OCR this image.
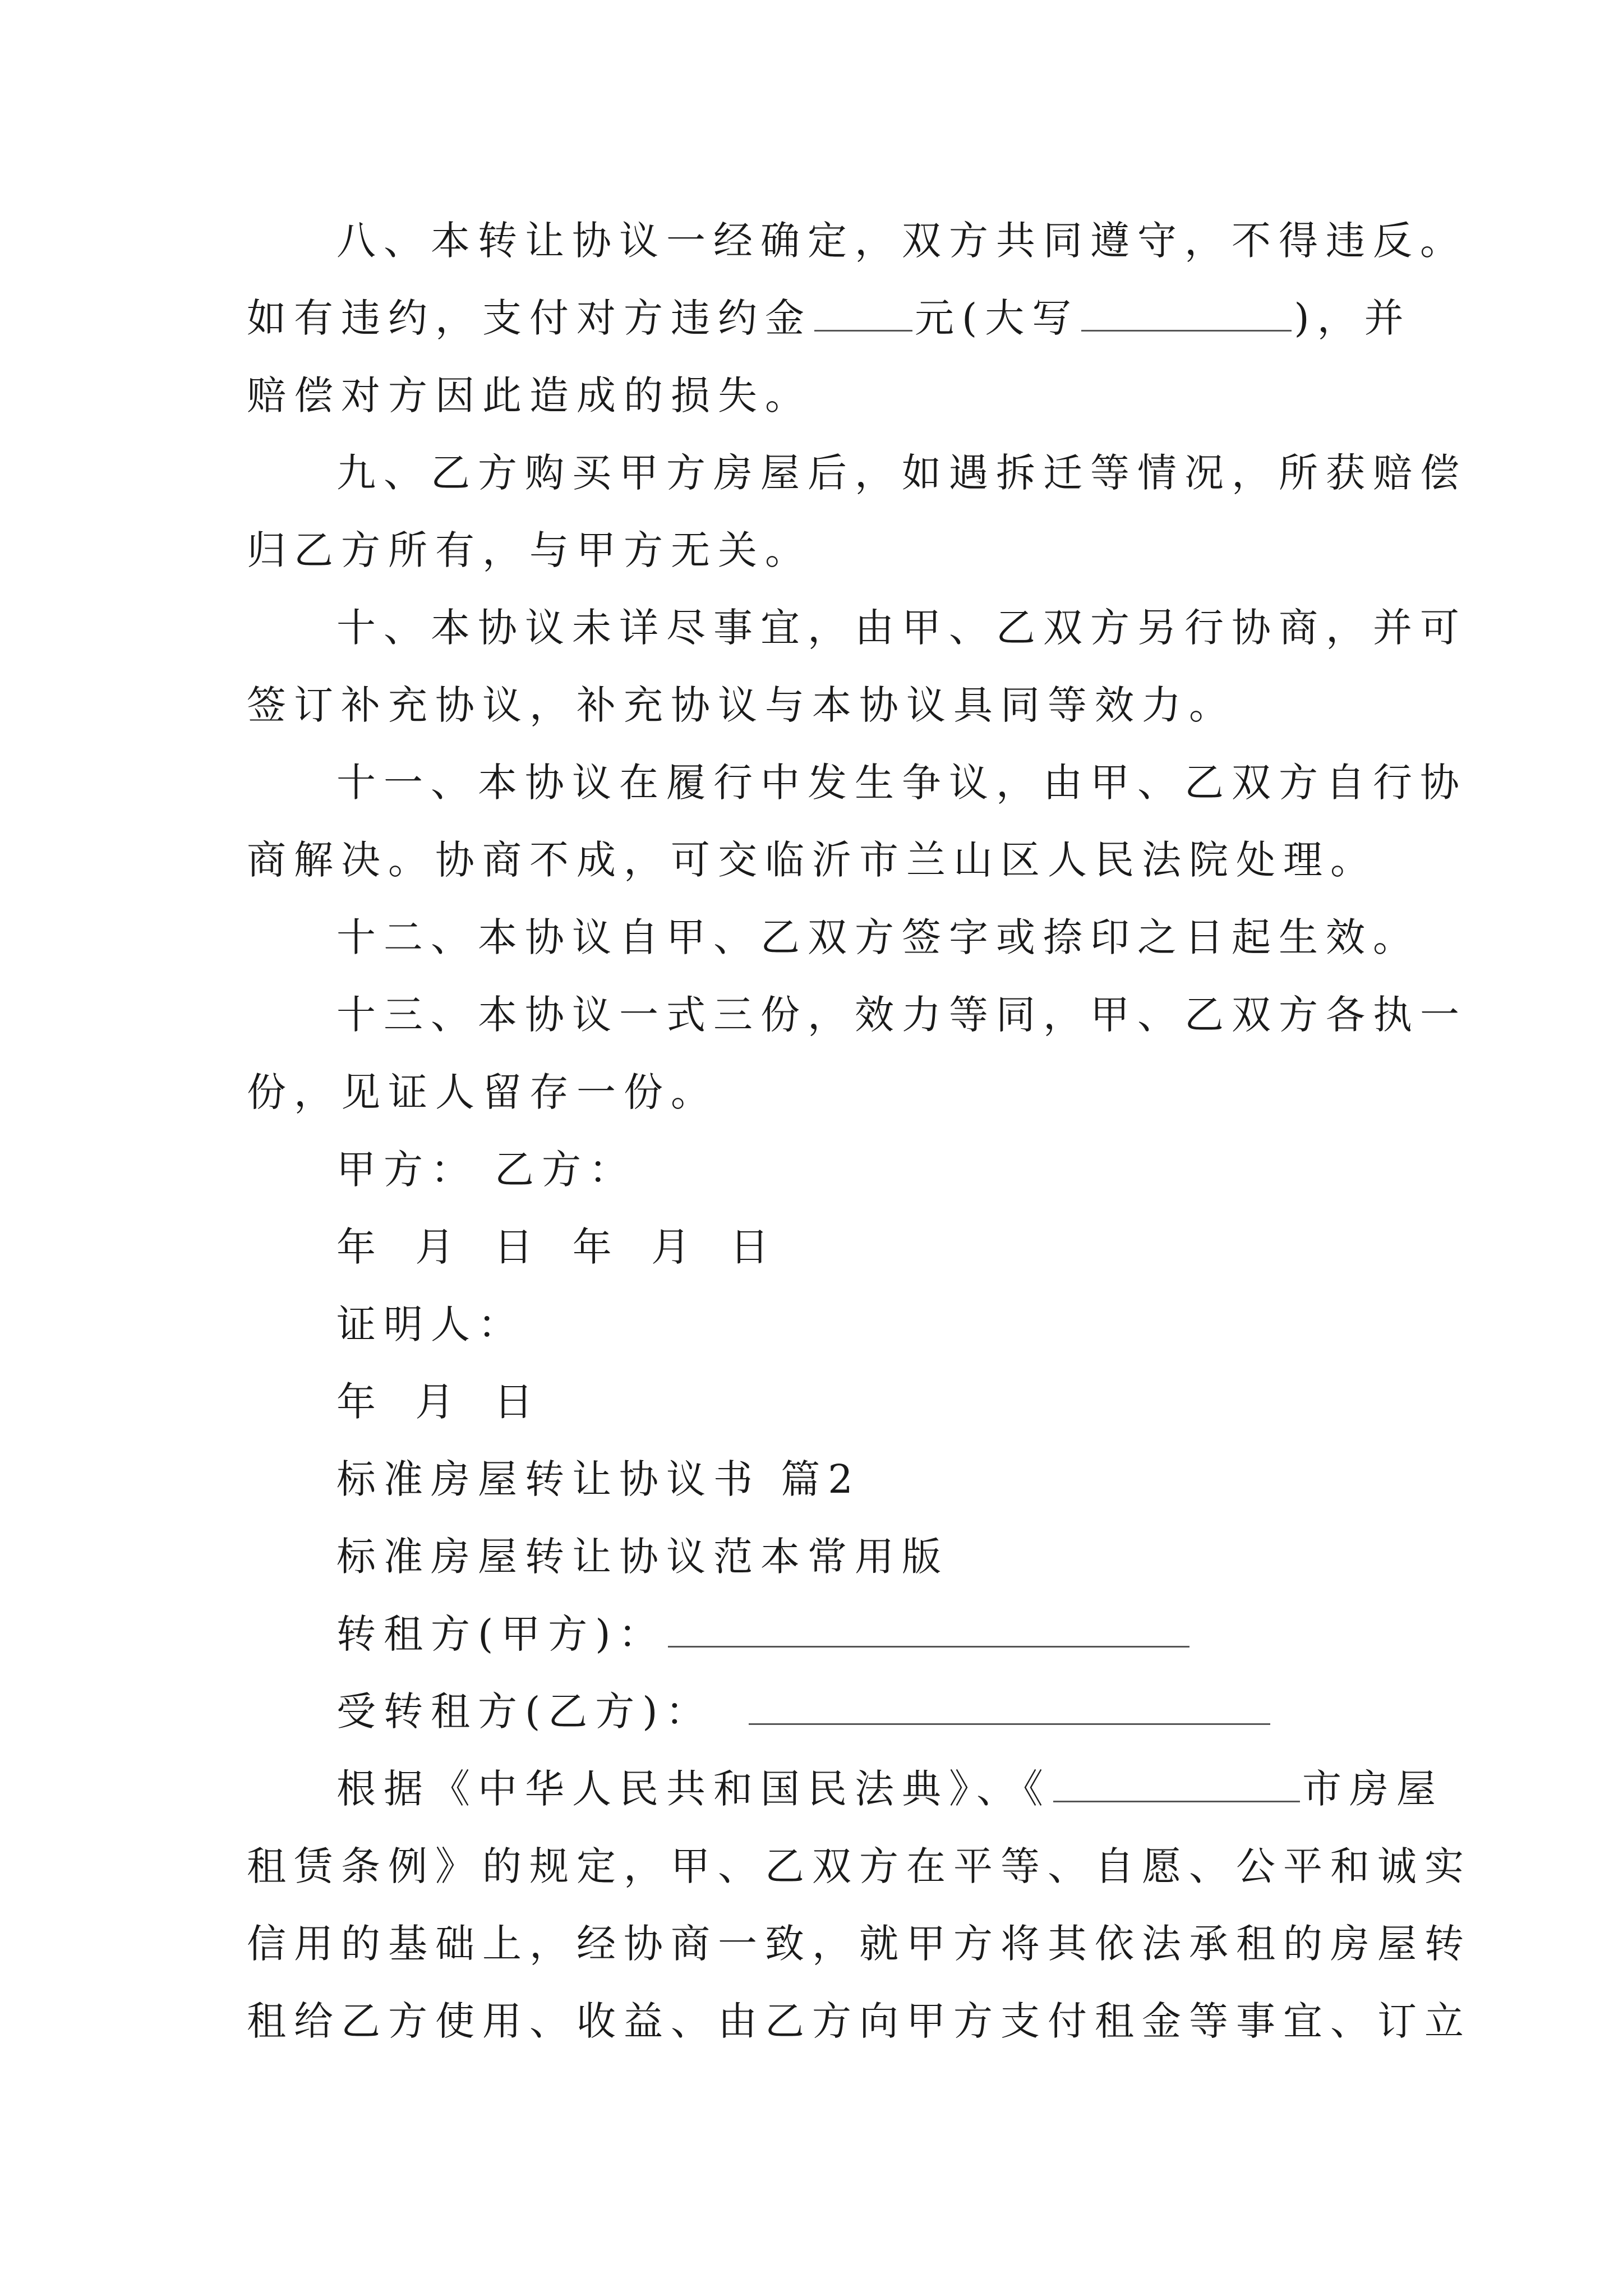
八、本转让协议一经确定，双方共同遵守，不得违反。
如有违约，支付对方违约金	元(大写	)，并
赔偿对方因此造成的损失。
九、乙方购买甲方房屋后，如遇拆迁等情况，所获赔偿
归乙方所有，与甲方无关。
十、本协议未详尽事宜，由甲、乙双方另行协商，并可
签订补充协议，补充协议与本协议具同等效力。
十一、本协议在履行中发生争议，由甲、乙双方自行协
商解决。协商不成，可交临沂市兰山区人民法院处理。
十二、本协议自甲、乙双方签字或捺印之日起生效。
十三、本协议一式三份，效力等同，甲、乙双方各执一
份，见证人留存一份。
甲方： 乙方：
年 月 日 年 月 日
证明人：
年 月 日
标准房屋转让协议书 篇2
标准房屋转让协议范本常用版
转租方(甲方)：
受转租方(乙方)：
根据《中华人民共和国民法典》、《	市房屋
租赁条例》的规定，甲、乙双方在平等、自愿、公平和诚实
信用的基础上，经协商一致，就甲方将其依法承租的房屋转
租给乙方使用、收益、由乙方向甲方支付租金等事宜、订立
